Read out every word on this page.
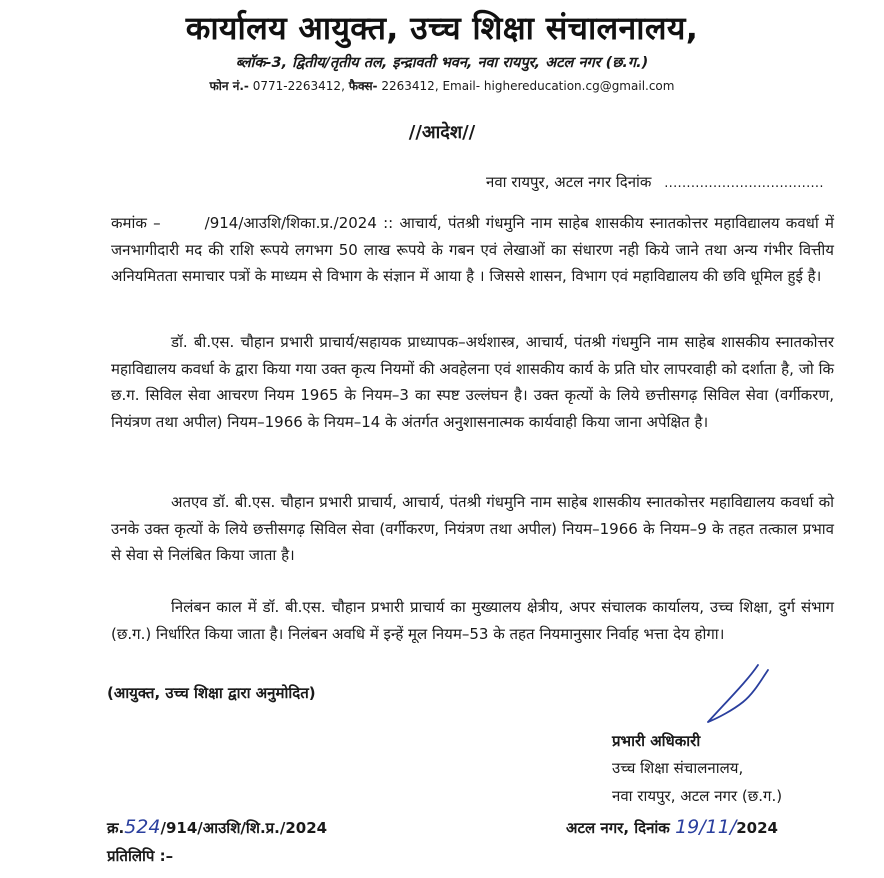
कार्यालय आयुक्त, उच्च शिक्षा संचालनालय,
ब्लॉक-3, द्वितीय/तृतीय तल, इन्द्रावती भवन, नवा रायपुर, अटल नगर (छ.ग.)
फोन नं.- 0771-2263412, फैक्स- 2263412, Email- highereducation.cg@gmail.com
//आदेश//
नवा रायपुर, अटल नगर दिनांक ....................................
कमांक –	/914/आउशि/शिका.प्र./2024 :: आचार्य, पंतश्री गंधमुनि नाम साहेब शासकीय स्नातकोत्तर महाविद्यालय कवर्धा में जनभागीदारी मद की राशि रूपये लगभग 50 लाख रूपये के गबन एवं लेखाओं का संधारण नही किये जाने तथा अन्य गंभीर वित्तीय अनियमितता समाचार पत्रों के माध्यम से विभाग के संज्ञान में आया है । जिससे शासन, विभाग एवं महाविद्यालय की छवि धूमिल हुई है।
डॉ. बी.एस. चौहान प्रभारी प्राचार्य/सहायक प्राध्यापक–अर्थशास्त्र, आचार्य, पंतश्री गंधमुनि नाम साहेब शासकीय स्नातकोत्तर महाविद्यालय कवर्धा के द्वारा किया गया उक्त कृत्य नियमों की अवहेलना एवं शासकीय कार्य के प्रति घोर लापरवाही को दर्शाता है, जो कि छ.ग. सिविल सेवा आचरण नियम 1965 के नियम–3 का स्पष्ट उल्लंघन है। उक्त कृत्यों के लिये छत्तीसगढ़ सिविल सेवा (वर्गीकरण, नियंत्रण तथा अपील) नियम–1966 के नियम–14 के अंतर्गत अनुशासनात्मक कार्यवाही किया जाना अपेक्षित है।
अतएव डॉ. बी.एस. चौहान प्रभारी प्राचार्य, आचार्य, पंतश्री गंधमुनि नाम साहेब शासकीय स्नातकोत्तर महाविद्यालय कवर्धा को उनके उक्त कृत्यों के लिये छत्तीसगढ़ सिविल सेवा (वर्गीकरण, नियंत्रण तथा अपील) नियम–1966 के नियम–9 के तहत तत्काल प्रभाव से सेवा से निलंबित किया जाता है।
निलंबन काल में डॉ. बी.एस. चौहान प्रभारी प्राचार्य का मुख्यालय क्षेत्रीय, अपर संचालक कार्यालय, उच्च शिक्षा, दुर्ग संभाग (छ.ग.) निर्धारित किया जाता है। निलंबन अवधि में इन्हें मूल नियम–53 के तहत नियमानुसार निर्वाह भत्ता देय होगा।
(आयुक्त, उच्च शिक्षा द्वारा अनुमोदित)
प्रभारी अधिकारी
उच्च शिक्षा संचालनालय,
नवा रायपुर, अटल नगर (छ.ग.)
क्र.524/914/आउशि/शि.प्र./2024	अटल नगर, दिनांक 19/11/2024
प्रतिलिपि :–
